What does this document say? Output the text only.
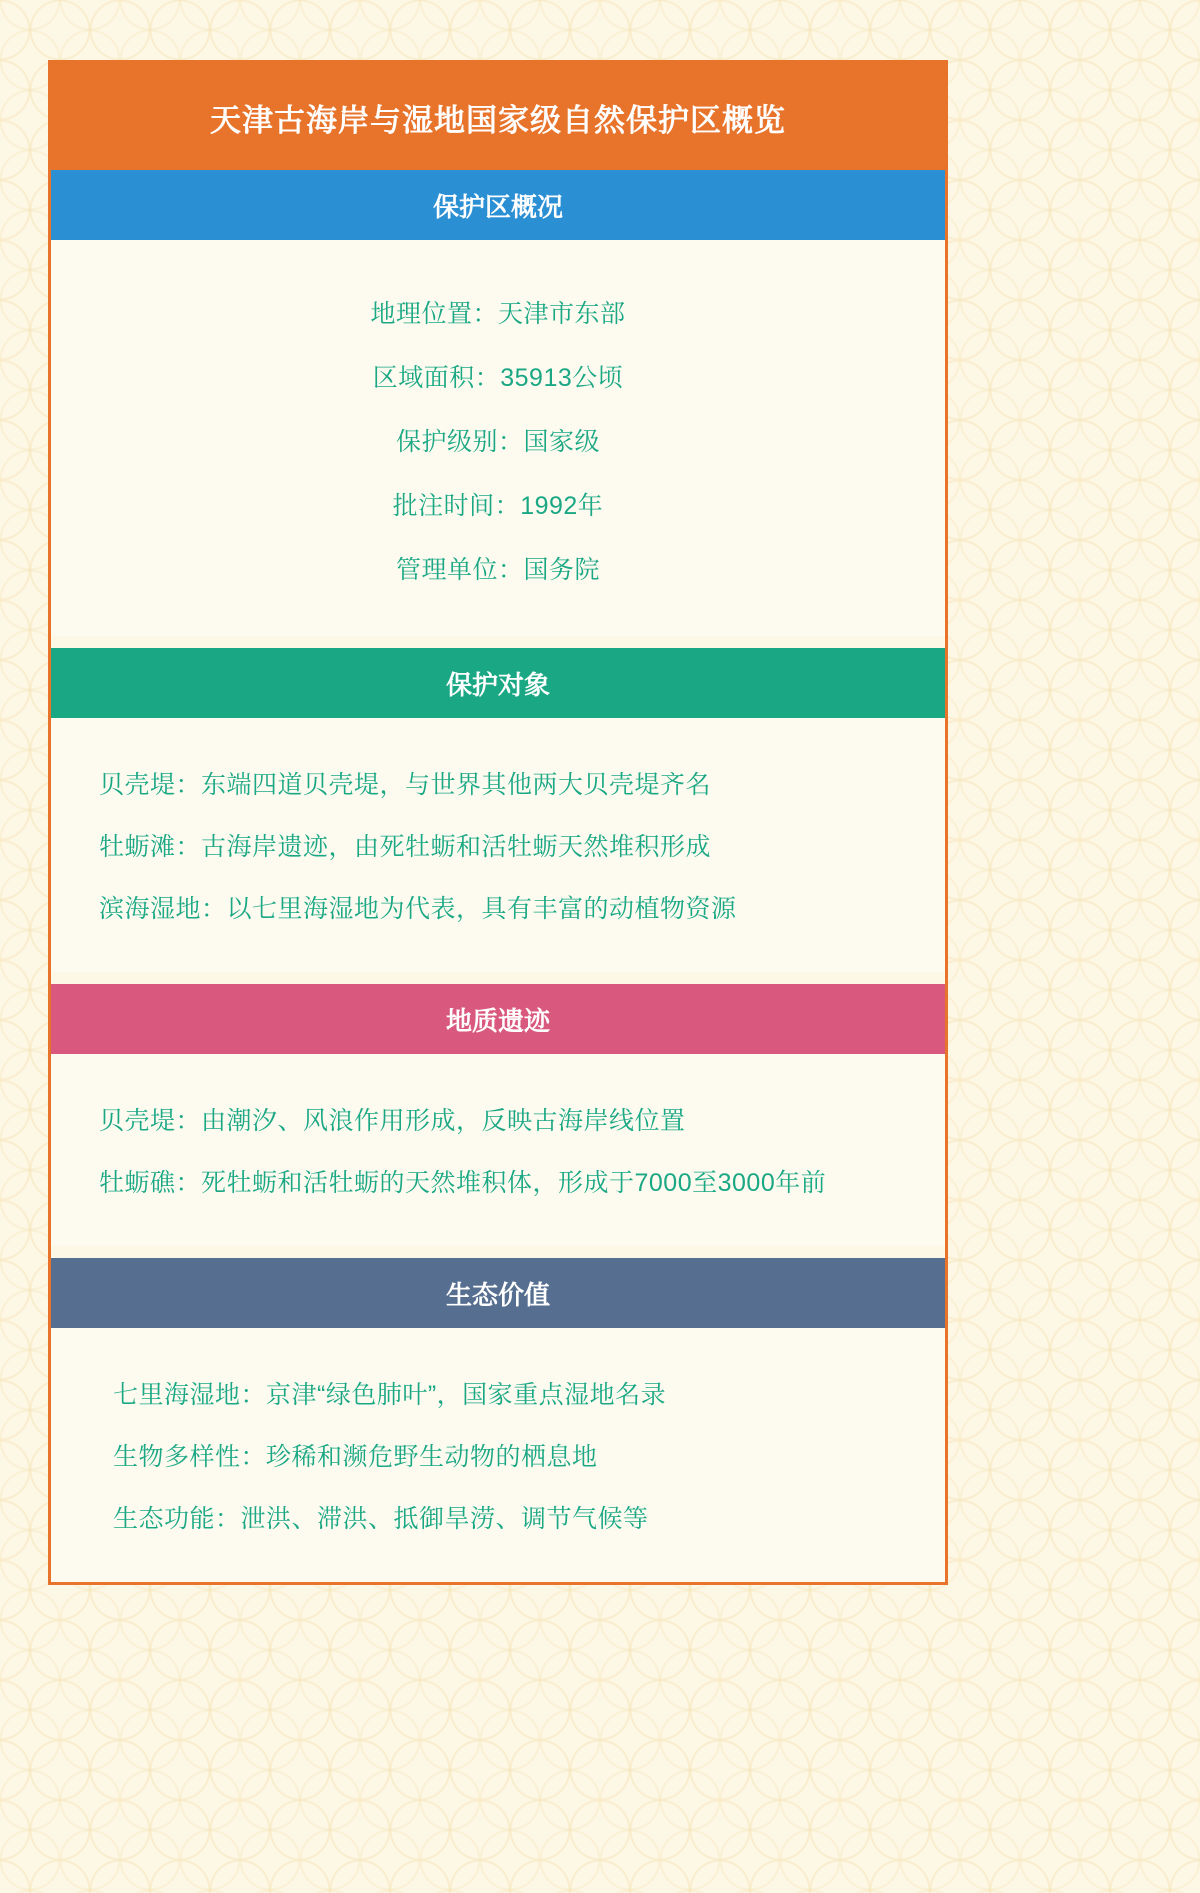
天津古海岸与湿地国家级自然保护区概览
保护区概况
地理位置：天津市东部
区域面积：35913公顷
保护级别：国家级
批注时间：1992年
管理单位：国务院
保护对象
贝壳堤：东端四道贝壳堤，与世界其他两大贝壳堤齐名
牡蛎滩：古海岸遗迹，由死牡蛎和活牡蛎天然堆积形成
滨海湿地：以七里海湿地为代表，具有丰富的动植物资源
地质遗迹
贝壳堤：由潮汐、风浪作用形成，反映古海岸线位置
牡蛎礁：死牡蛎和活牡蛎的天然堆积体，形成于7000至3000年前
生态价值
七里海湿地：京津“绿色肺叶”，国家重点湿地名录
生物多样性：珍稀和濒危野生动物的栖息地
生态功能：泄洪、滞洪、抵御旱涝、调节气候等
